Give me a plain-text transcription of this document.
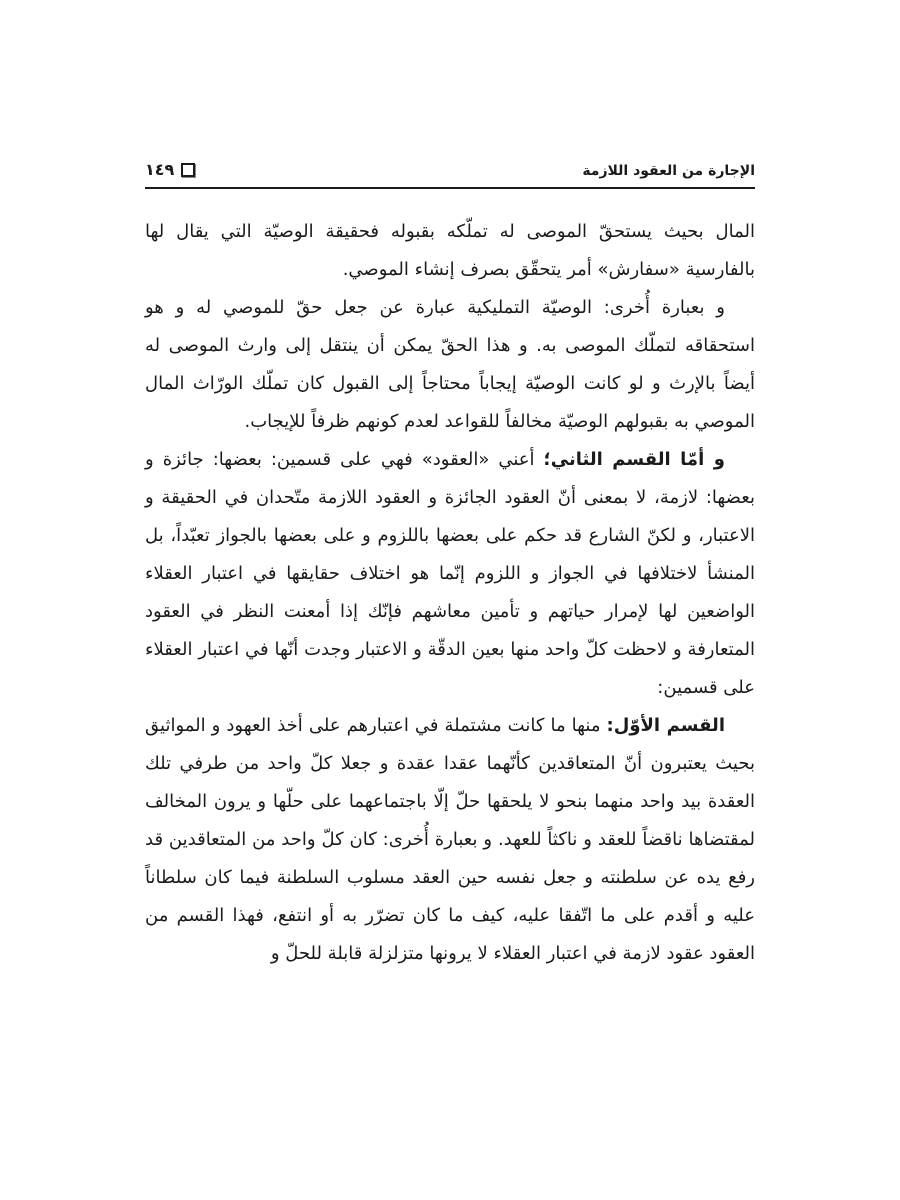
الإجارة من العقود اللازمة
١٤٩

المال بحيث يستحقّ الموصى له تملّكه بقبوله فحقيقة الوصيّة التي يقال لها بالفارسية «سفارش» أمر يتحقّق بصرف إنشاء الموصي.

و بعبارة أُخرى: الوصيّة التمليكية عبارة عن جعل حقّ للموصي له و هو استحقاقه لتملّك الموصى به. و هذا الحقّ يمكن أن ينتقل إلى وارث الموصى له أيضاً بالإرث و لو كانت الوصيّة إيجاباً محتاجاً إلى القبول كان تملّك الورّاث المال الموصي به بقبولهم الوصيّة مخالفاً للقواعد لعدم كونهم ظرفاً للإيجاب.

و أمّا القسم الثاني؛ أعني «العقود» فهي على قسمين: بعضها: جائزة و بعضها: لازمة، لا بمعنى أنّ العقود الجائزة و العقود اللازمة متّحدان في الحقيقة و الاعتبار، و لكنّ الشارع قد حكم على بعضها باللزوم و على بعضها بالجواز تعبّداً، بل المنشأ لاختلافها في الجواز و اللزوم إنّما هو اختلاف حقايقها في اعتبار العقلاء الواضعين لها لإمرار حياتهم و تأمين معاشهم فإنّك إذا أمعنت النظر في العقود المتعارفة و لاحظت كلّ واحد منها بعين الدقّة و الاعتبار وجدت أنّها في اعتبار العقلاء على قسمين:

القسم الأوّل: منها ما كانت مشتملة في اعتبارهم على أخذ العهود و المواثيق بحيث يعتبرون أنّ المتعاقدين كأنّهما عقدا عقدة و جعلا كلّ واحد من طرفي تلك العقدة بيد واحد منهما بنحو لا يلحقها حلّ إلّا باجتماعهما على حلّها و يرون المخالف لمقتضاها ناقضاً للعقد و ناكثاً للعهد. و بعبارة أُخرى: كان كلّ واحد من المتعاقدين قد رفع يده عن سلطنته و جعل نفسه حين العقد مسلوب السلطنة فيما كان سلطاناً عليه و أقدم على ما اتّفقا عليه، كيف ما كان تضرّر به أو انتفع، فهذا القسم من العقود عقود لازمة في اعتبار العقلاء لا يرونها متزلزلة قابلة للحلّ و
